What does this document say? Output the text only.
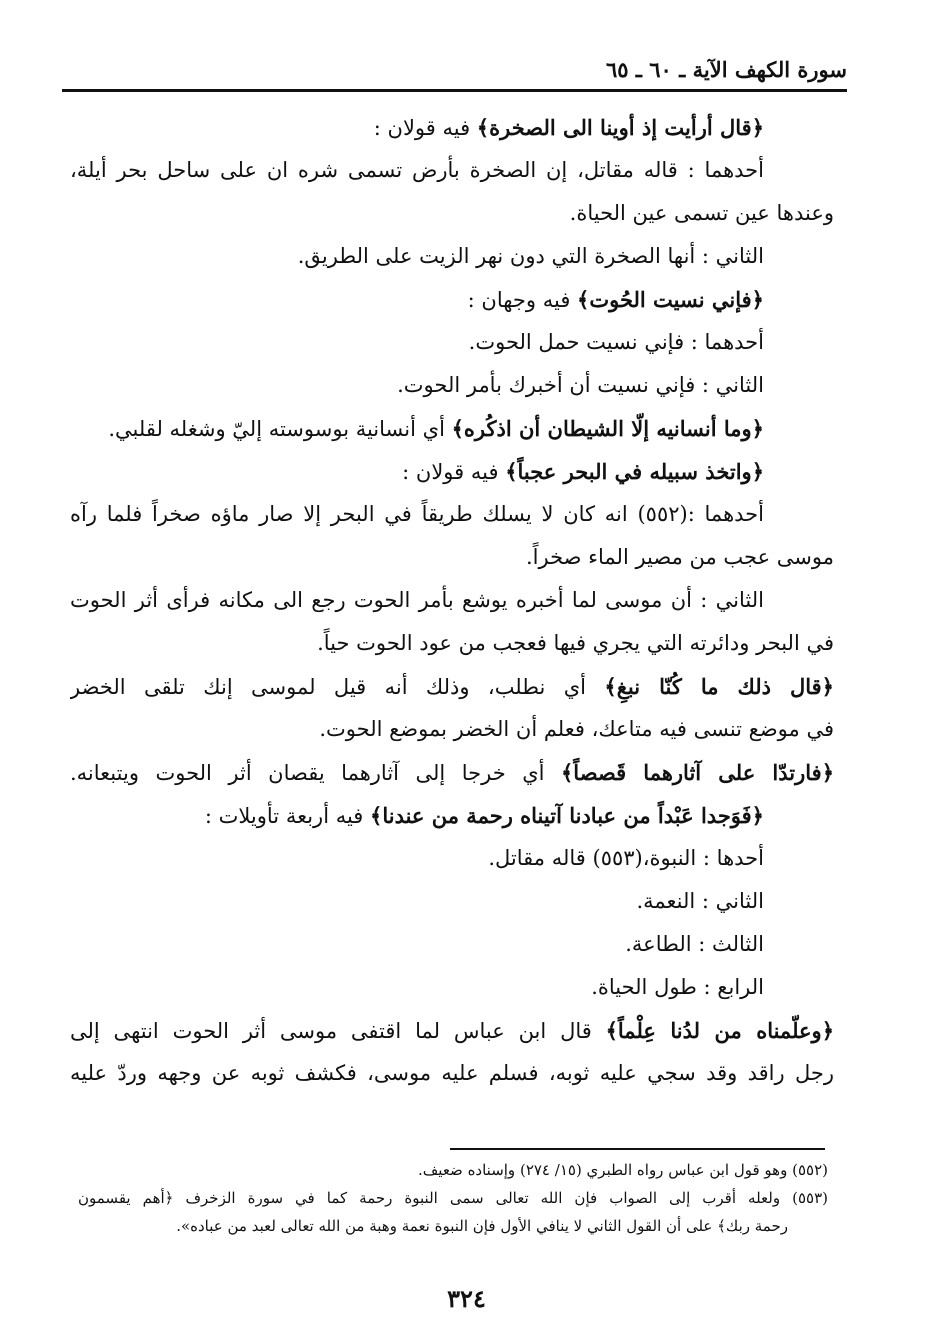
سورة الكهف الآية ـ ٦٠ ـ ٦٥
﴿قال أرأيت إذ أوينا الى الصخرة﴾ فيه قولان :
أحدهما : قاله مقاتل، إن الصخرة بأرض تسمى شره ان على ساحل بحر أيلة،
وعندها عين تسمى عين الحياة.
الثاني : أنها الصخرة التي دون نهر الزيت على الطريق.
﴿فإني نسيت الحُوت﴾ فيه وجهان :
أحدهما : فإني نسيت حمل الحوت.
الثاني : فإني نسيت أن أخبرك بأمر الحوت.
﴿وما أنسانيه إلّا الشيطان أن اذكُره﴾ أي أنسانية بوسوسته إليّ وشغله لقلبي.
﴿واتخذ سبيله في البحر عجباً﴾ فيه قولان :
أحدهما :(٥٥٢) انه كان لا يسلك طريقاً في البحر إلا صار ماؤه صخراً فلما رآه
موسى عجب من مصير الماء صخراً.
الثاني : أن موسى لما أخبره يوشع بأمر الحوت رجع الى مكانه فرأى أثر الحوت
في البحر ودائرته التي يجري فيها فعجب من عود الحوت حياً.
﴿قال ذلك ما كُنّا نبغِ﴾ أي نطلب، وذلك أنه قيل لموسى إنك تلقى الخضر
في موضع تنسى فيه متاعك، فعلم أن الخضر بموضع الحوت.
﴿فارتدّا على آثارهما قَصصاً﴾ أي خرجا إلى آثارهما يقصان أثر الحوت ويتبعانه.
﴿فَوَجدا عَبْداً من عبادنا آتيناه رحمة من عندنا﴾ فيه أربعة تأويلات :
أحدها : النبوة،(٥٥٣) قاله مقاتل.
الثاني : النعمة.
الثالث : الطاعة.
الرابع : طول الحياة.
﴿وعلّمناه من لدُنا عِلْماً﴾ قال ابن عباس لما اقتفى موسى أثر الحوت انتهى إلى
رجل راقد وقد سجي عليه ثوبه، فسلم عليه موسى، فكشف ثوبه عن وجهه وردّ عليه
(٥٥٢) وهو قول ابن عباس رواه الطبري (١٥/ ٢٧٤) وإسناده ضعيف.
(٥٥٣) ولعله أقرب إلى الصواب فإن الله تعالى سمى النبوة رحمة كما في سورة الزخرف ﴿أهم يقسمون
رحمة ربك﴾ على أن القول الثاني لا ينافي الأول فإن النبوة نعمة وهبة من الله تعالى لعبد من عباده».
٣٢٤
